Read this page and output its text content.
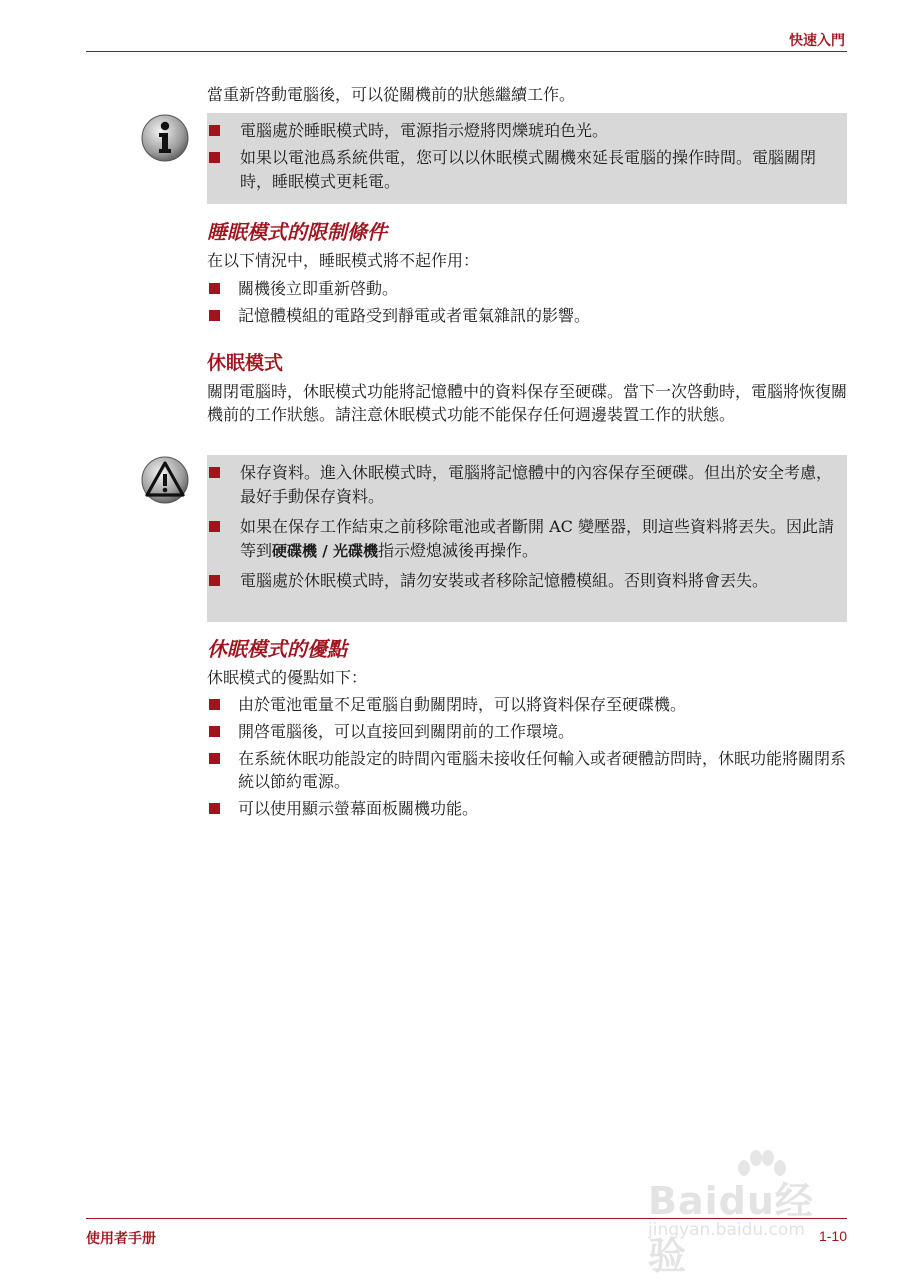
快速入門

當重新啓動電腦後，可以從關機前的狀態繼續工作。

電腦處於睡眠模式時，電源指示燈將閃爍琥珀色光。
如果以電池爲系統供電，您可以以休眠模式關機來延長電腦的操作時間。電腦關閉時，睡眠模式更耗電。
睡眠模式的限制條件

在以下情況中，睡眠模式將不起作用：

關機後立即重新啓動。
記憶體模組的電路受到靜電或者電氣雜訊的影響。
休眠模式

關閉電腦時，休眠模式功能將記憶體中的資料保存至硬碟。當下一次啓動時，電腦將恢復關機前的工作狀態。請注意休眠模式功能不能保存任何週邊裝置工作的狀態。

保存資料。進入休眠模式時，電腦將記憶體中的內容保存至硬碟。但出於安全考慮，最好手動保存資料。
如果在保存工作結束之前移除電池或者斷開 AC 變壓器，則這些資料將丟失。因此請等到硬碟機 / 光碟機指示燈熄滅後再操作。
電腦處於休眠模式時，請勿安裝或者移除記憶體模組。否則資料將會丟失。
休眠模式的優點

休眠模式的優點如下：

由於電池電量不足電腦自動關閉時，可以將資料保存至硬碟機。
開啓電腦後，可以直接回到關閉前的工作環境。
在系統休眠功能設定的時間內電腦未接收任何輸入或者硬體訪問時，休眠功能將關閉系統以節約電源。
可以使用顯示螢幕面板關機功能。
Baidu经验
jingyan.baidu.com
使用者手册	1-10
